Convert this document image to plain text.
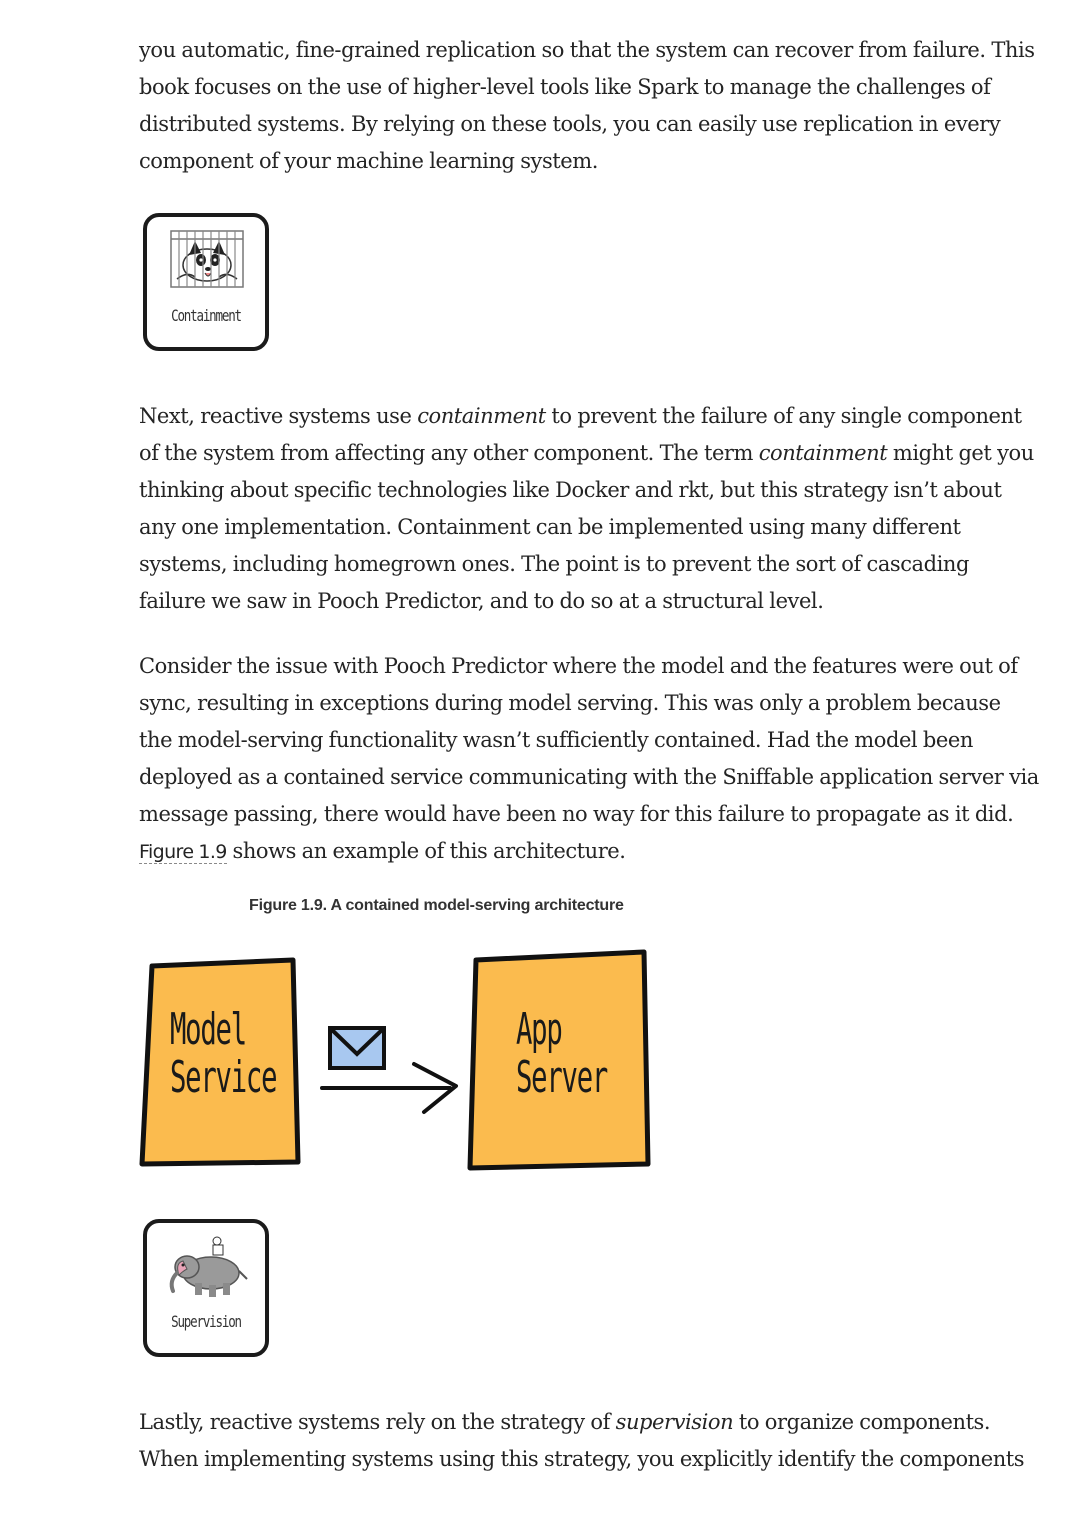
you automatic, fine-grained replication so that the system can recover from failure. This book focuses on the use of higher-level tools like Spark to manage the challenges of distributed systems. By relying on these tools, you can easily use replication in every component of your machine learning system.

Containment

Next, reactive systems use containment to prevent the failure of any single component of the system from affecting any other component. The term containment might get you thinking about specific technologies like Docker and rkt, but this strategy isn’t about any one implementation. Containment can be implemented using many different systems, including homegrown ones. The point is to prevent the sort of cascading failure we saw in Pooch Predictor, and to do so at a structural level.

Consider the issue with Pooch Predictor where the model and the features were out of sync, resulting in exceptions during model serving. This was only a problem because the model-serving functionality wasn’t sufficiently contained. Had the model been deployed as a contained service communicating with the Sniffable application server via message passing, there would have been no way for this failure to propagate as it did. Figure 1.9 shows an example of this architecture.

Figure 1.9. A contained model-serving architecture
Model
Service
App
Server
Supervision

Lastly, reactive systems rely on the strategy of supervision to organize components. When implementing systems using this strategy, you explicitly identify the components
